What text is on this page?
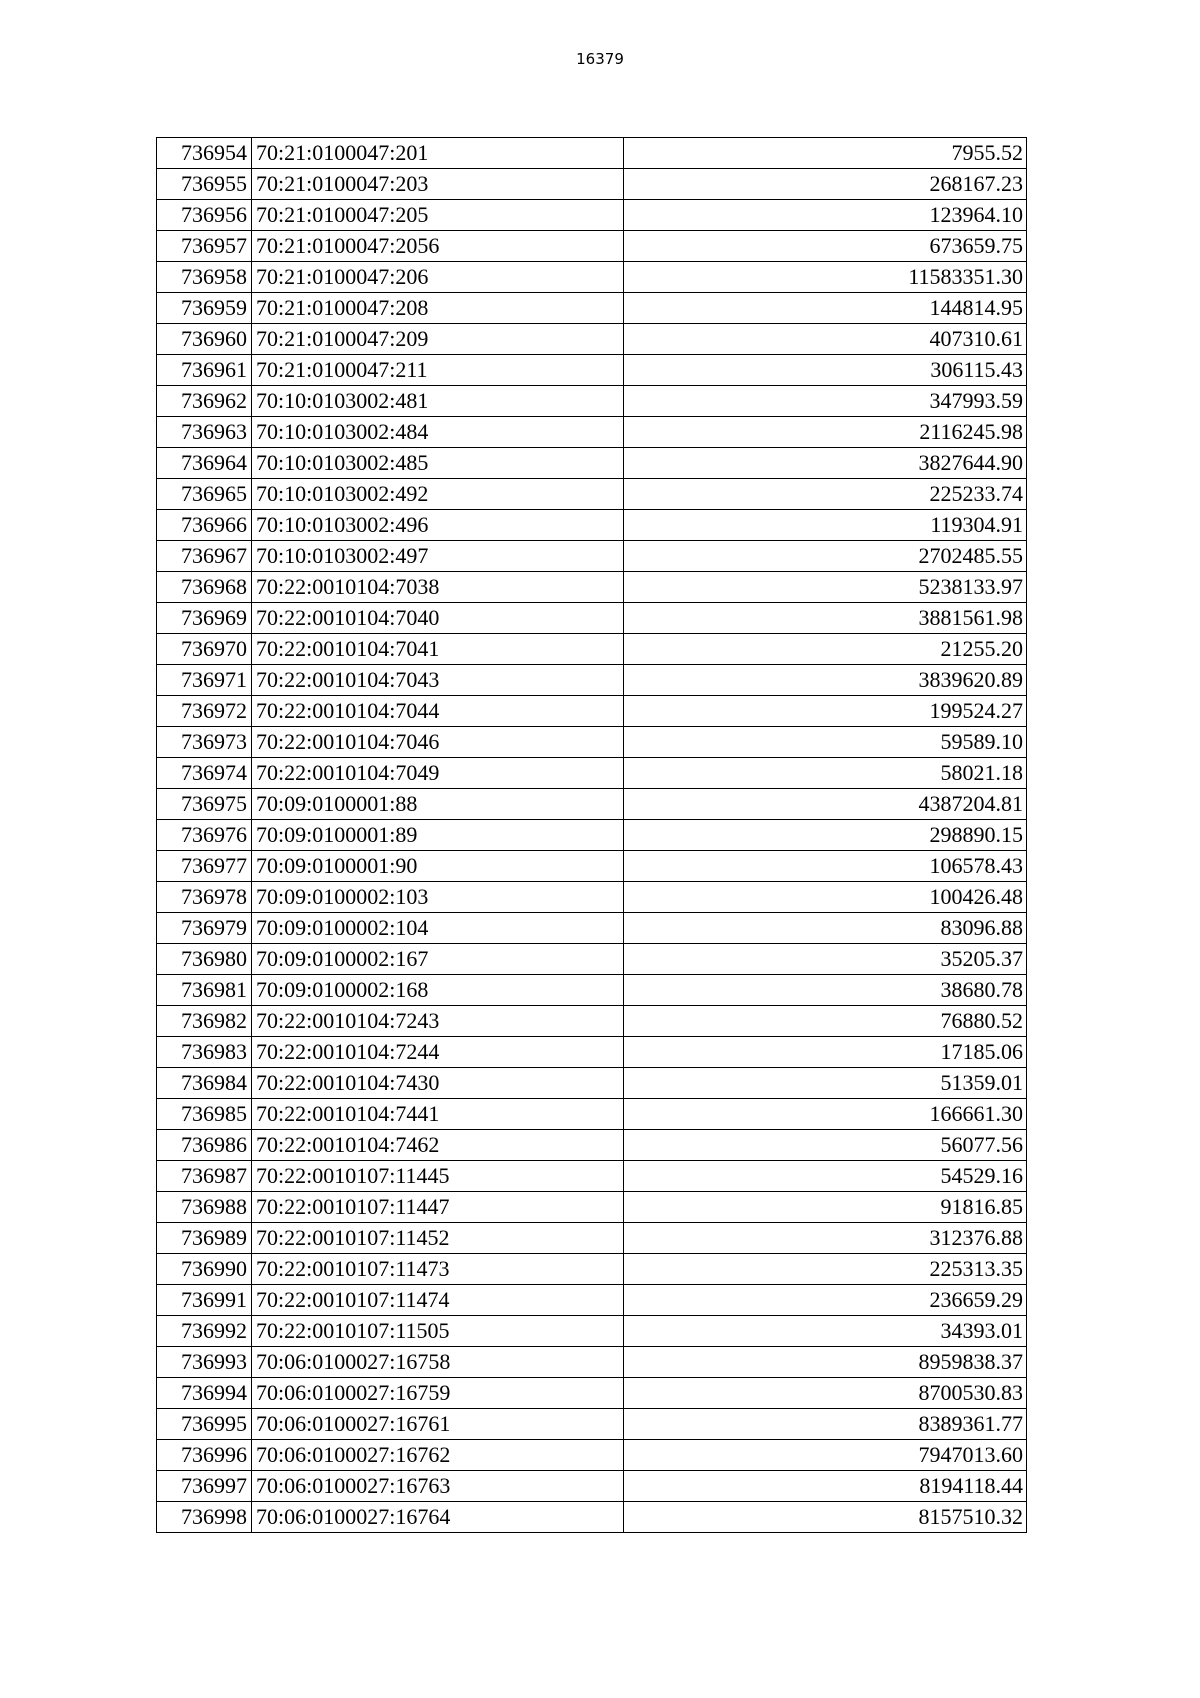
16379
736954	70:21:0100047:201	7955.52
736955	70:21:0100047:203	268167.23
736956	70:21:0100047:205	123964.10
736957	70:21:0100047:2056	673659.75
736958	70:21:0100047:206	11583351.30
736959	70:21:0100047:208	144814.95
736960	70:21:0100047:209	407310.61
736961	70:21:0100047:211	306115.43
736962	70:10:0103002:481	347993.59
736963	70:10:0103002:484	2116245.98
736964	70:10:0103002:485	3827644.90
736965	70:10:0103002:492	225233.74
736966	70:10:0103002:496	119304.91
736967	70:10:0103002:497	2702485.55
736968	70:22:0010104:7038	5238133.97
736969	70:22:0010104:7040	3881561.98
736970	70:22:0010104:7041	21255.20
736971	70:22:0010104:7043	3839620.89
736972	70:22:0010104:7044	199524.27
736973	70:22:0010104:7046	59589.10
736974	70:22:0010104:7049	58021.18
736975	70:09:0100001:88	4387204.81
736976	70:09:0100001:89	298890.15
736977	70:09:0100001:90	106578.43
736978	70:09:0100002:103	100426.48
736979	70:09:0100002:104	83096.88
736980	70:09:0100002:167	35205.37
736981	70:09:0100002:168	38680.78
736982	70:22:0010104:7243	76880.52
736983	70:22:0010104:7244	17185.06
736984	70:22:0010104:7430	51359.01
736985	70:22:0010104:7441	166661.30
736986	70:22:0010104:7462	56077.56
736987	70:22:0010107:11445	54529.16
736988	70:22:0010107:11447	91816.85
736989	70:22:0010107:11452	312376.88
736990	70:22:0010107:11473	225313.35
736991	70:22:0010107:11474	236659.29
736992	70:22:0010107:11505	34393.01
736993	70:06:0100027:16758	8959838.37
736994	70:06:0100027:16759	8700530.83
736995	70:06:0100027:16761	8389361.77
736996	70:06:0100027:16762	7947013.60
736997	70:06:0100027:16763	8194118.44
736998	70:06:0100027:16764	8157510.32
